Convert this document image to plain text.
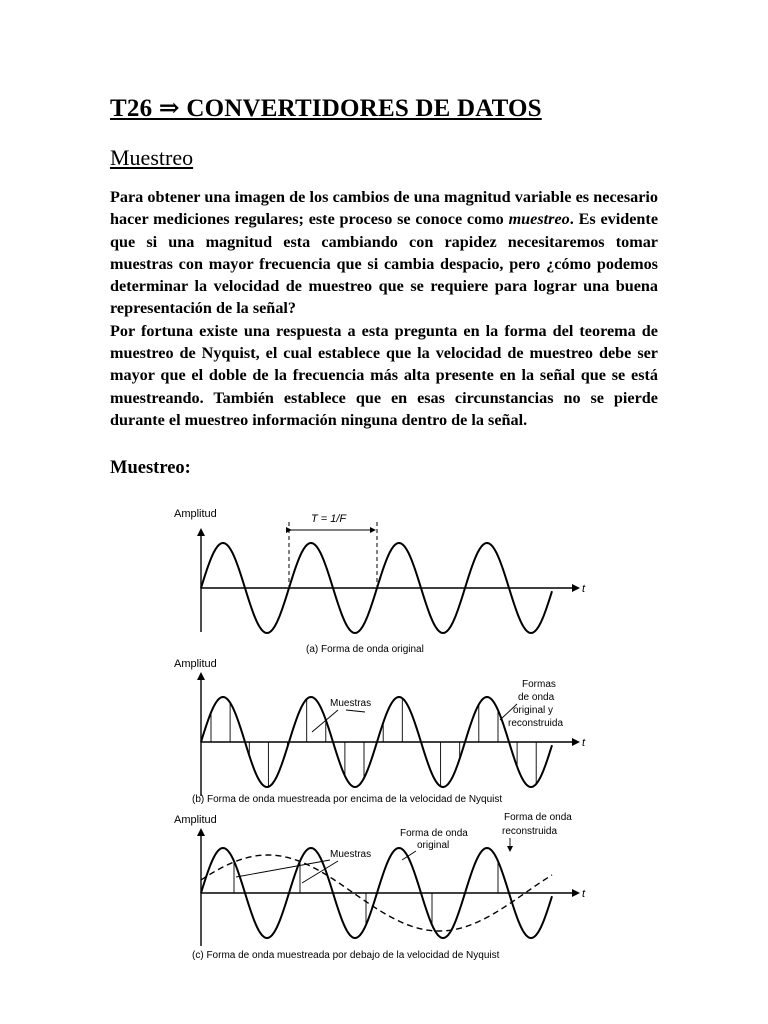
T26 ⇒ CONVERTIDORES DE DATOS
Muestreo

Para obtener una imagen de los cambios de una magnitud variable es necesario hacer mediciones regulares; este proceso se conoce como muestreo. Es evidente que si una magnitud esta cambiando con rapidez necesitaremos tomar muestras con mayor frecuencia que si cambia despacio, pero ¿cómo podemos determinar la velocidad de muestreo que se requiere para lograr una buena representación de la señal?

Por fortuna existe una respuesta a esta pregunta en la forma del teorema de muestreo de Nyquist, el cual establece que la velocidad de muestreo debe ser mayor que el doble de la frecuencia más alta presente en la señal que se está muestreando. También establece que en esas circunstancias no se pierde durante el muestreo información ninguna dentro de la señal.

Muestreo:
Amplitud
t
T = 1/F
(a) Forma de onda original
Amplitud
t
Muestras
Formas de onda original y reconstruida
(b) Forma de onda muestreada por encima de la velocidad de Nyquist
Amplitud
t
Muestras
Forma de onda original
Forma de onda reconstruida
(c) Forma de onda muestreada por debajo de la velocidad de Nyquist
